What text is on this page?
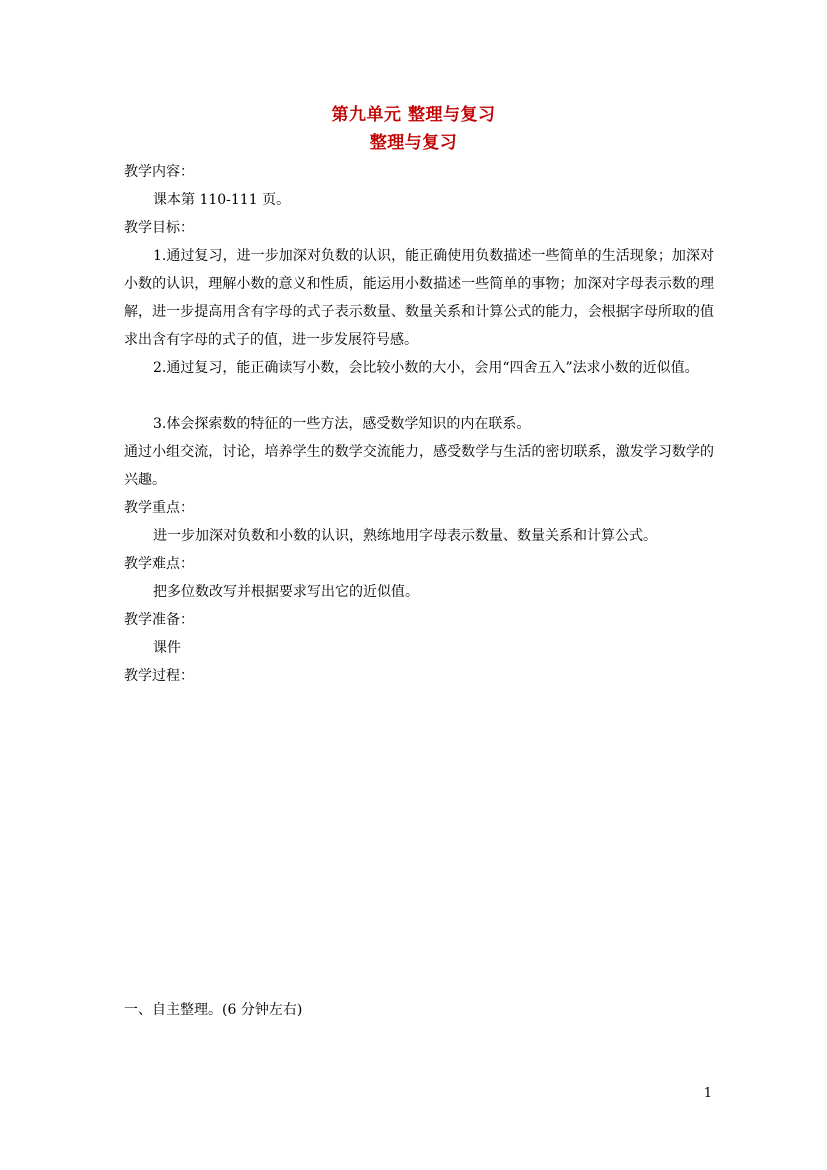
第九单元 整理与复习
整理与复习
教学内容：
课本第 110-111 页。
教学目标：
1.通过复习，进一步加深对负数的认识，能正确使用负数描述一些简单的生活现象；加深对小数的认识，理解小数的意义和性质，能运用小数描述一些简单的事物；加深对字母表示数的理解，进一步提高用含有字母的式子表示数量、数量关系和计算公式的能力，会根据字母所取的值求出含有字母的式子的值，进一步发展符号感。
2.通过复习，能正确读写小数，会比较小数的大小，会用“四舍五入”法求小数的近似值。
3.体会探索数的特征的一些方法，感受数学知识的内在联系。
通过小组交流，讨论，培养学生的数学交流能力，感受数学与生活的密切联系，激发学习数学的兴趣。
教学重点：
进一步加深对负数和小数的认识，熟练地用字母表示数量、数量关系和计算公式。
教学难点：
把多位数改写并根据要求写出它的近似值。
教学准备：
课件
教学过程：
一、自主整理。(6 分钟左右)
1
